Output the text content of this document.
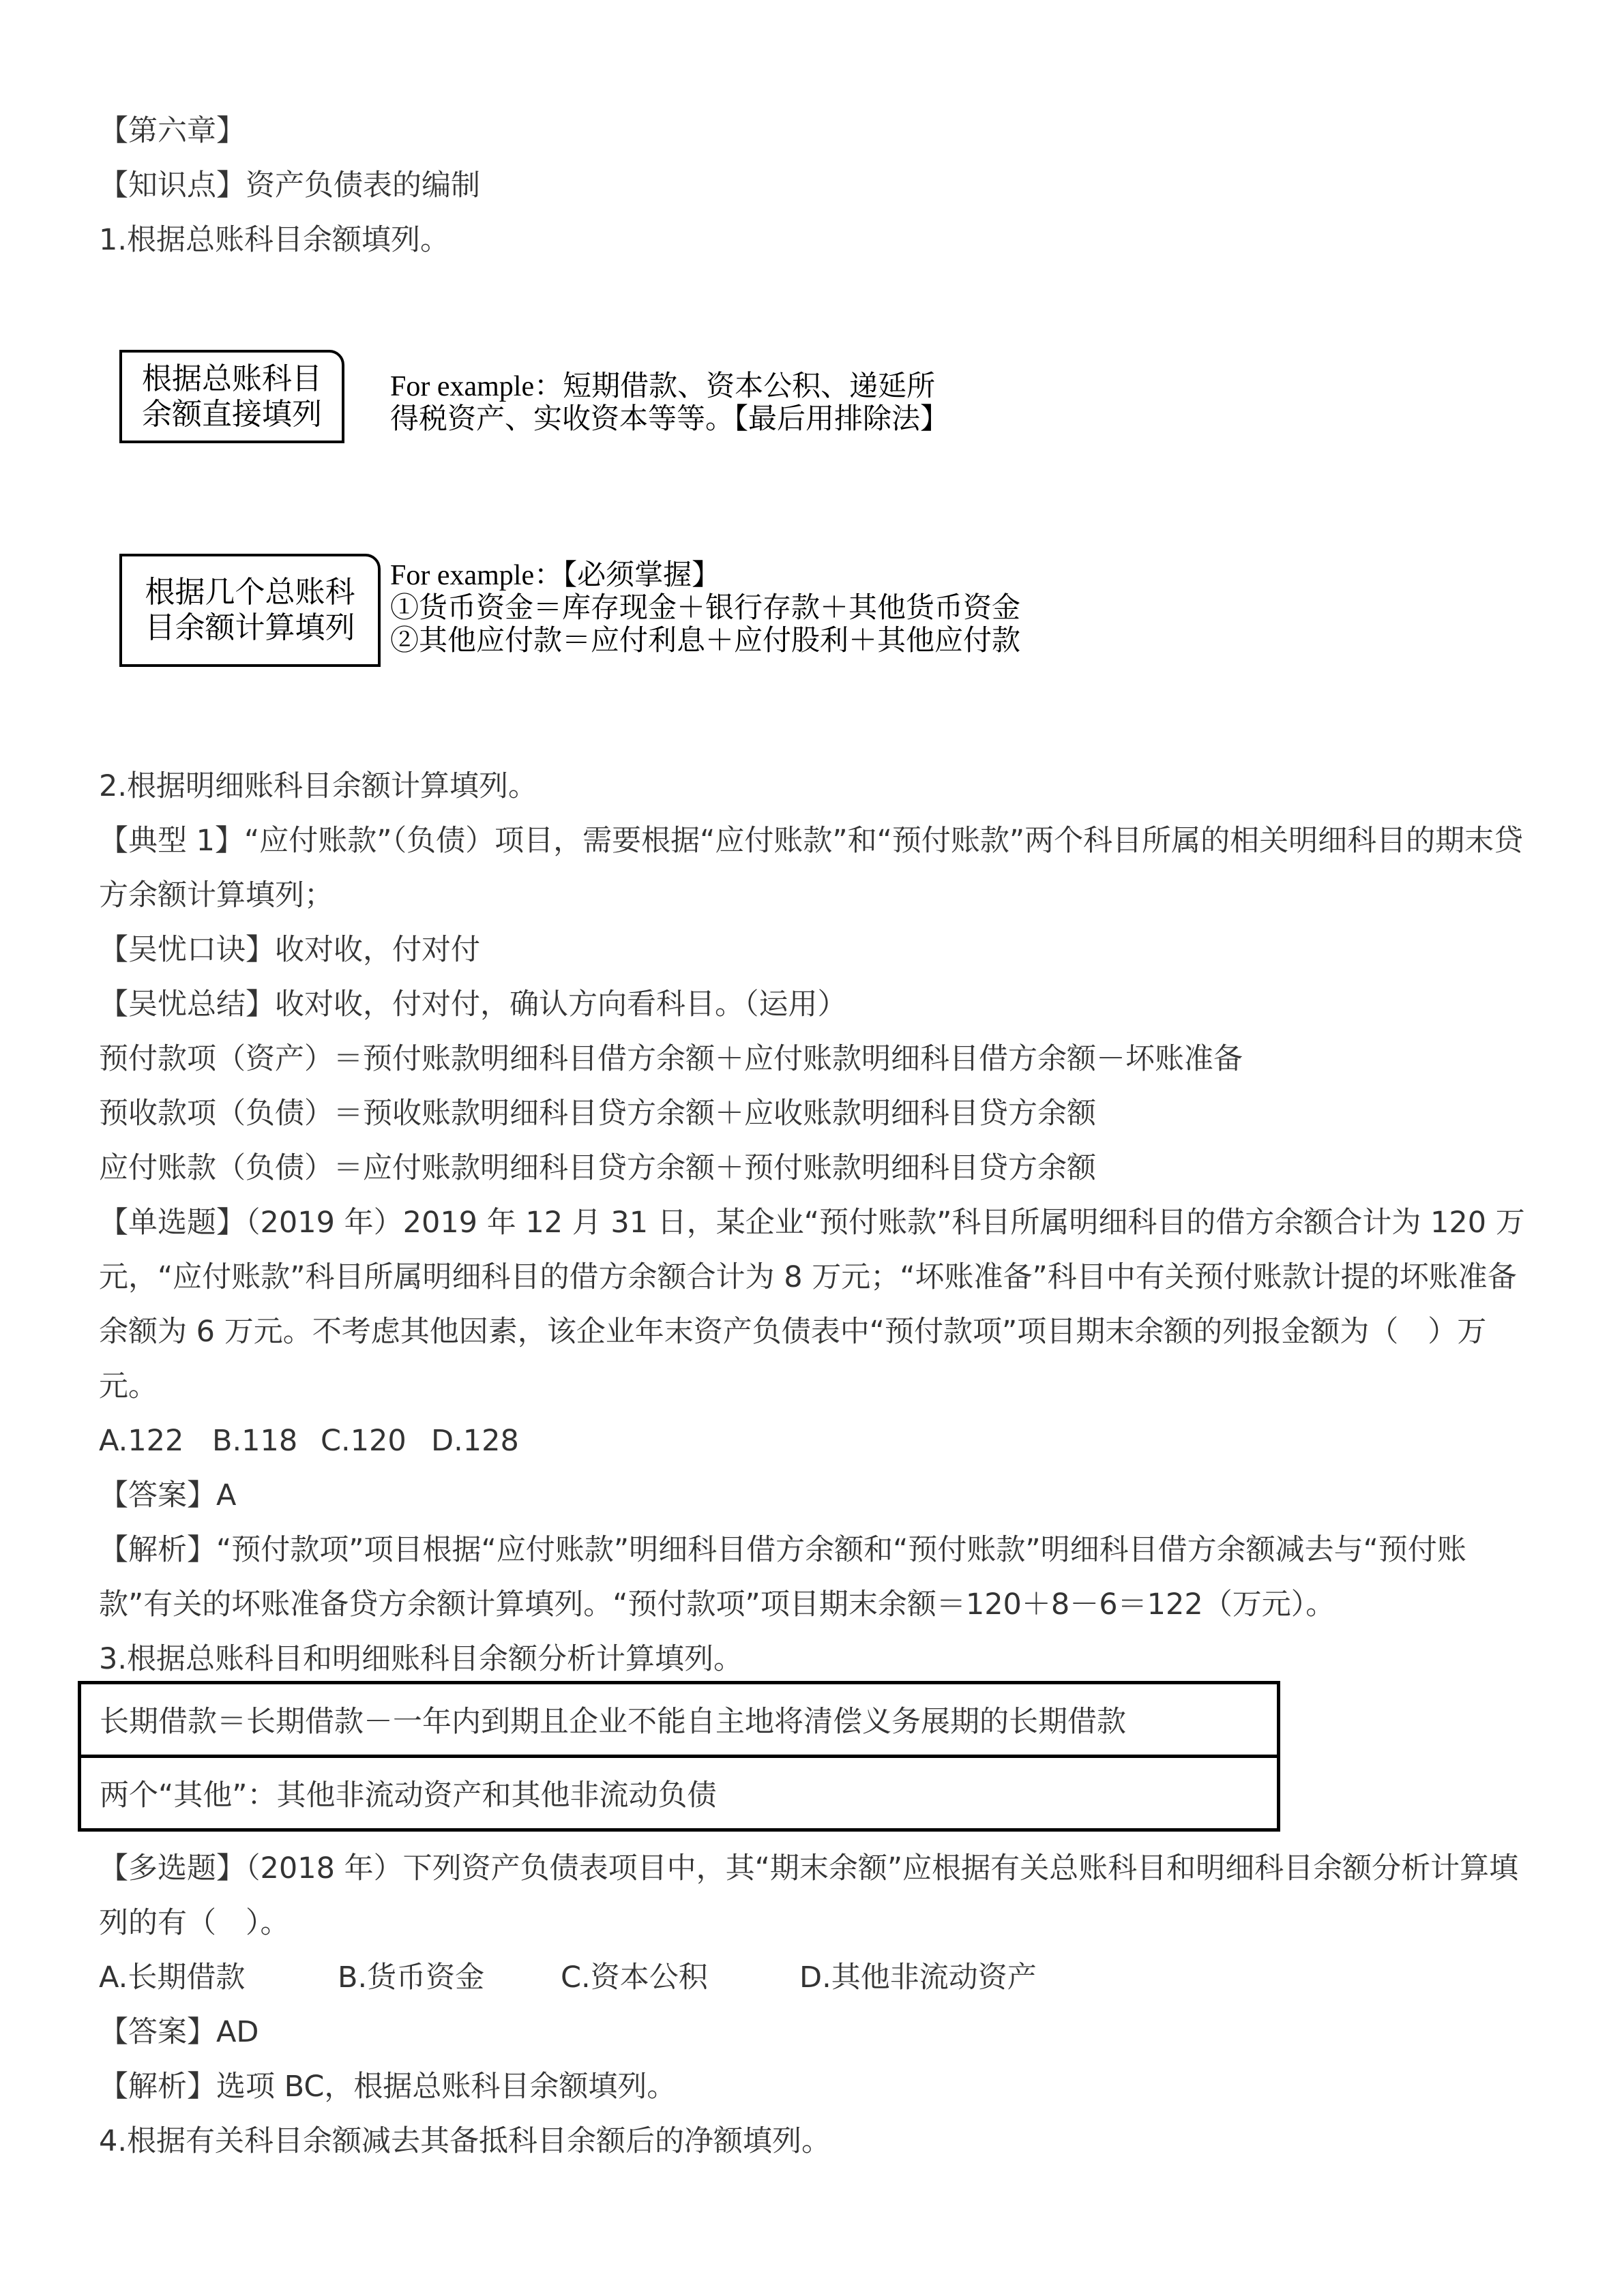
【第六章】
【知识点】资产负债表的编制
1.根据总账科目余额填列。
根据总账科目
余额直接填列
For example：短期借款、资本公积、递延所
得税资产、实收资本等等。【最后用排除法】
根据几个总账科
目余额计算填列
For example：【必须掌握】
①货币资金＝库存现金＋银行存款＋其他货币资金
②其他应付款＝应付利息＋应付股利＋其他应付款
2.根据明细账科目余额计算填列。
【典型 1】“应付账款”（负债）项目，需要根据“应付账款”和“预付账款”两个科目所属的相关明细科目的期末贷方余额计算填列；
【吴忧口诀】收对收，付对付
【吴忧总结】收对收，付对付，确认方向看科目。（运用）
预付款项（资产）＝预付账款明细科目借方余额＋应付账款明细科目借方余额－坏账准备
预收款项（负债）＝预收账款明细科目贷方余额＋应收账款明细科目贷方余额
应付账款（负债）＝应付账款明细科目贷方余额＋预付账款明细科目贷方余额
【单选题】（2019 年）2019 年 12 月 31 日，某企业“预付账款”科目所属明细科目的借方余额合计为 120 万元，“应付账款”科目所属明细科目的借方余额合计为 8 万元；“坏账准备”科目中有关预付账款计提的坏账准备余额为 6 万元。不考虑其他因素，该企业年末资产负债表中“预付款项”项目期末余额的列报金额为（　）万元。
A.122 B.118 C.120 D.128
【答案】A
【解析】“预付款项”项目根据“应付账款”明细科目借方余额和“预付账款”明细科目借方余额减去与“预付账款”有关的坏账准备贷方余额计算填列。“预付款项”项目期末余额＝120＋8－6＝122（万元）。
3.根据总账科目和明细账科目余额分析计算填列。
长期借款＝长期借款－一年内到期且企业不能自主地将清偿义务展期的长期借款
两个“其他”：其他非流动资产和其他非流动负债
【多选题】（2018 年）下列资产负债表项目中，其“期末余额”应根据有关总账科目和明细科目余额分析计算填列的有（　）。
A.长期借款	B.货币资金	C.资本公积	D.其他非流动资产
【答案】AD
【解析】选项 BC，根据总账科目余额填列。
4.根据有关科目余额减去其备抵科目余额后的净额填列。
